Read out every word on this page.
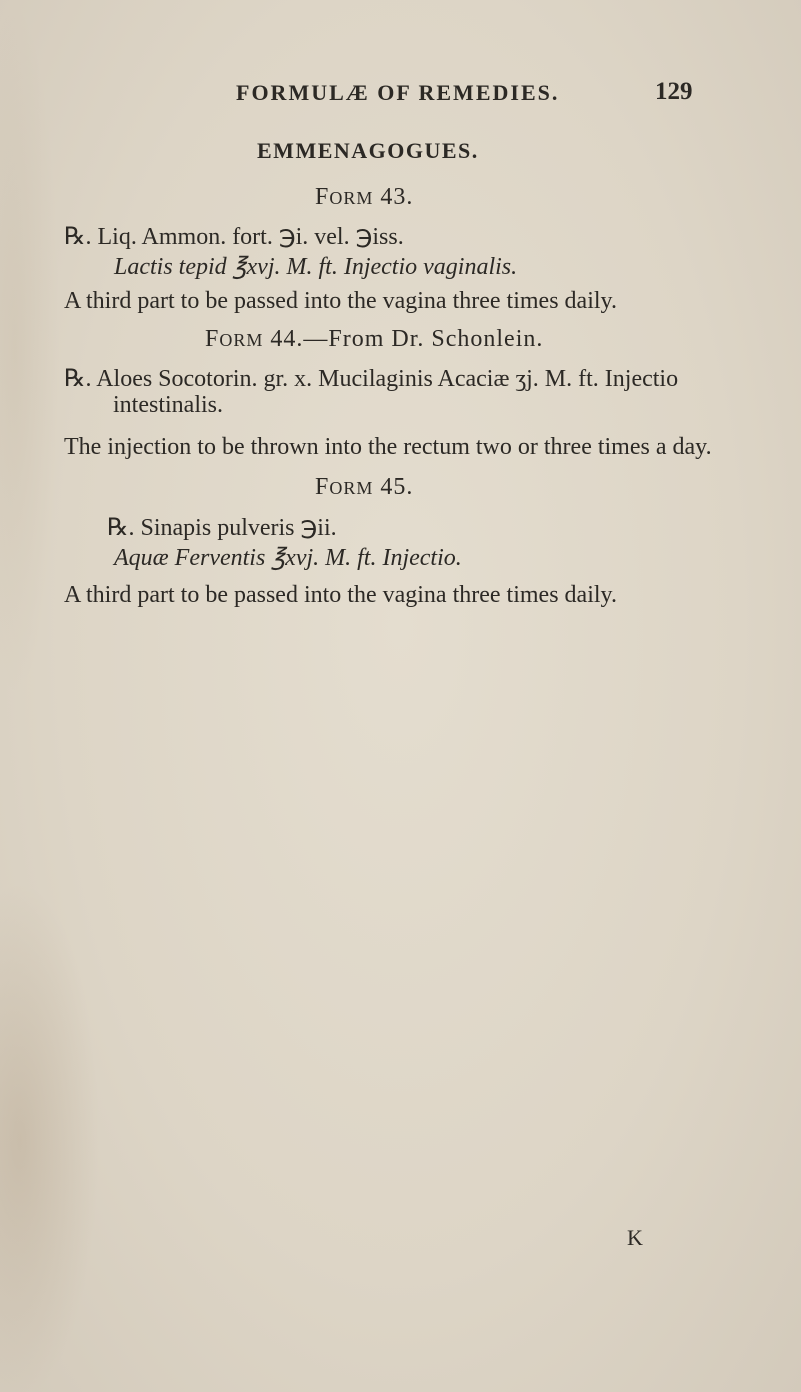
FORMULÆ OF REMEDIES.	129
EMMENAGOGUES.
FORM 43.
℞. Liq. Ammon. fort. ℈i. vel. ℈iss.
Lactis tepid ℥xvj. M. ft. Injectio vaginalis.
A third part to be passed into the vagina three times daily.
FORM 44.—From Dr. Schonlein.
℞. Aloes Socotorin. gr. x. Mucilaginis Acaciæ ʒj. M. ft. Injectio
intestinalis.
The injection to be thrown into the rectum two or three times a day.
FORM 45.
℞. Sinapis pulveris ℈ii.
Aquæ Ferventis ℥xvj. M. ft. Injectio.
A third part to be passed into the vagina three times daily.
K
